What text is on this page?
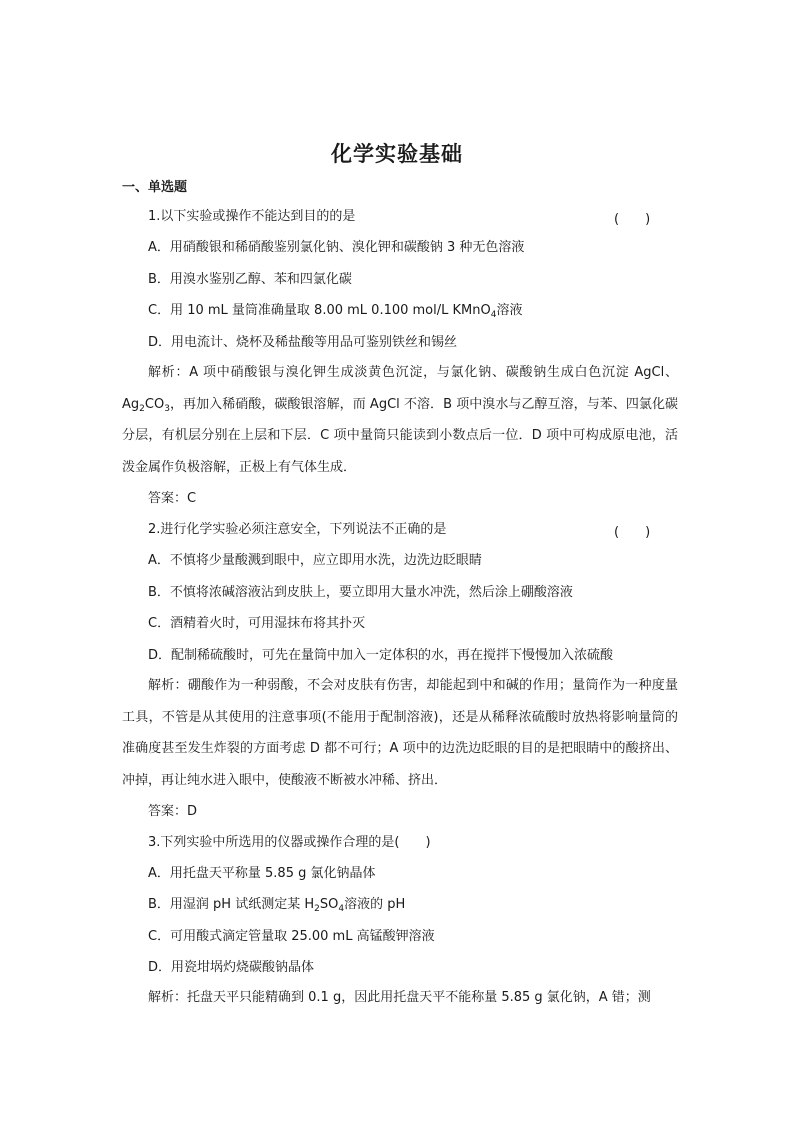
化学实验基础
一、单选题
1.以下实验或操作不能达到目的的是	(　　)
A．用硝酸银和稀硝酸鉴别氯化钠、溴化钾和碳酸钠 3 种无色溶液
B．用溴水鉴别乙醇、苯和四氯化碳
C．用 10 mL 量筒准确量取 8.00 mL 0.100 mol/L KMnO$_4$溶液
D．用电流计、烧杯及稀盐酸等用品可鉴别铁丝和锡丝
解析：A 项中硝酸银与溴化钾生成淡黄色沉淀，与氯化钠、碳酸钠生成白色沉淀 AgCl、$Ag_2CO_3$，再加入稀硝酸，碳酸银溶解，而 AgCl 不溶．B 项中溴水与乙醇互溶，与苯、四氯化碳分层，有机层分别在上层和下层．C 项中量筒只能读到小数点后一位．D 项中可构成原电池，活泼金属作负极溶解，正极上有气体生成．
答案：C
2.进行化学实验必须注意安全，下列说法不正确的是	(　　)
A．不慎将少量酸溅到眼中，应立即用水洗，边洗边眨眼睛
B．不慎将浓碱溶液沾到皮肤上，要立即用大量水冲洗，然后涂上硼酸溶液
C．酒精着火时，可用湿抹布将其扑灭
D．配制稀硫酸时，可先在量筒中加入一定体积的水，再在搅拌下慢慢加入浓硫酸
解析：硼酸作为一种弱酸，不会对皮肤有伤害，却能起到中和碱的作用；量筒作为一种度量工具，不管是从其使用的注意事项(不能用于配制溶液)，还是从稀释浓硫酸时放热将影响量筒的准确度甚至发生炸裂的方面考虑 D 都不可行；A 项中的边洗边眨眼的目的是把眼睛中的酸挤出、冲掉，再让纯水进入眼中，使酸液不断被水冲稀、挤出．
答案：D
3.下列实验中所选用的仪器或操作合理的是(　　)
A．用托盘天平称量 5.85 g 氯化钠晶体
B．用湿润 pH 试纸测定某 $H_2SO_4$溶液的 pH
C．可用酸式滴定管量取 25.00 mL 高锰酸钾溶液
D．用瓷坩埚灼烧碳酸钠晶体
解析：托盘天平只能精确到 0.1 g，因此用托盘天平不能称量 5.85 g 氯化钠，A 错；测
